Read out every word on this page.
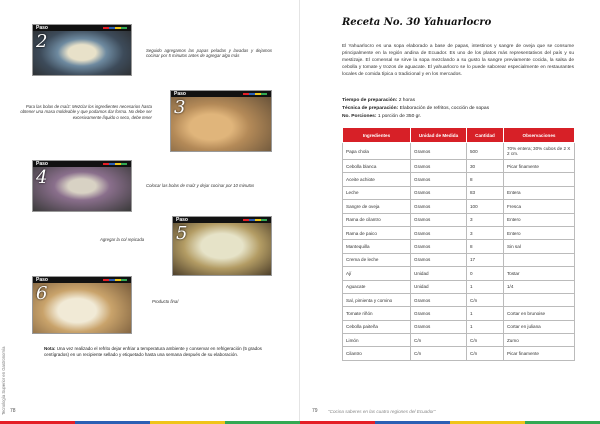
Paso
2	Seguido agregamos las papas peladas y lavadas y dejamos cocinar por 5 minutos antes de agregar algo más
Paso
3
Para las bolas de maíz: Mezclar los ingredientes necesarios hasta obtener una masa moldeable y que podamos dar forma. No debe ser excesivamente líquido o seco, debe tener
Paso
4	Colocar las bolas de maíz y dejar cocinar por 10 minutos
Paso
5
Agregar la col repicada
Paso
6	Producto final
Nota: Una vez realizado el refrito dejar enfriar a temperatura ambiente y conservar en refrigeración (5 grados centígrados) en un recipiente sellado y etiquetado hasta una semana después de su elaboración.
Tecnología Superior en Gastronomía 78
Receta No. 30 Yahuarlocro
El Yahuarlocro es una sopa elaborado a base de papas, intestinos y sangre de oveja que se consume principalmente en la región andina de Ecuador. Es uno de los platos más representativos del país y su mestizaje. El comensal se sirve la sopa mezclando a su gusto la sangre previamente cocida, la salsa de cebolla y tomate y trozos de aguacate. El yahuarlocro se lo puede saborear especialmente en restaurantes locales de comida típica o tradicional y en los mercados.
Tiempo de preparación: 2 horas
Técnica de preparación: Elaboración de refritos, cocción de sopas
No. Porciones: 1 porción de 350 gr.
Ingredientes	Unidad de Medida	Cantidad	Observaciones
Papa chola	Gramos	500	70% entera; 30% cubos de 2 X 2 cm.
Cebolla blanca	Gramos	30	Picar finamente
Aceite achiote	Gramos	8	
Leche	Gramos	83	Entera
Sangre de oveja	Gramos	100	Fresca
Rama de cilantro	Gramos	3	Entero
Rama de paico	Gramos	3	Entero
Mantequilla	Gramos	8	Sin sal
Crema de leche	Gramos	17	
Ají	Unidad	0	Tostar
Aguacate	Unidad	1	1/4
Sal, pimienta y comino	Gramos	C/n	
Tomate riñón	Gramos	1	Cortar en brunoise
Cebolla paiteña	Gramos	1	Cortar en juliana
Limón	C/n	C/n	Zumo
Cilantro	C/n	C/n	Picar finamente
79 "Cocina saberes en las cuatro regiones del Ecuador"
